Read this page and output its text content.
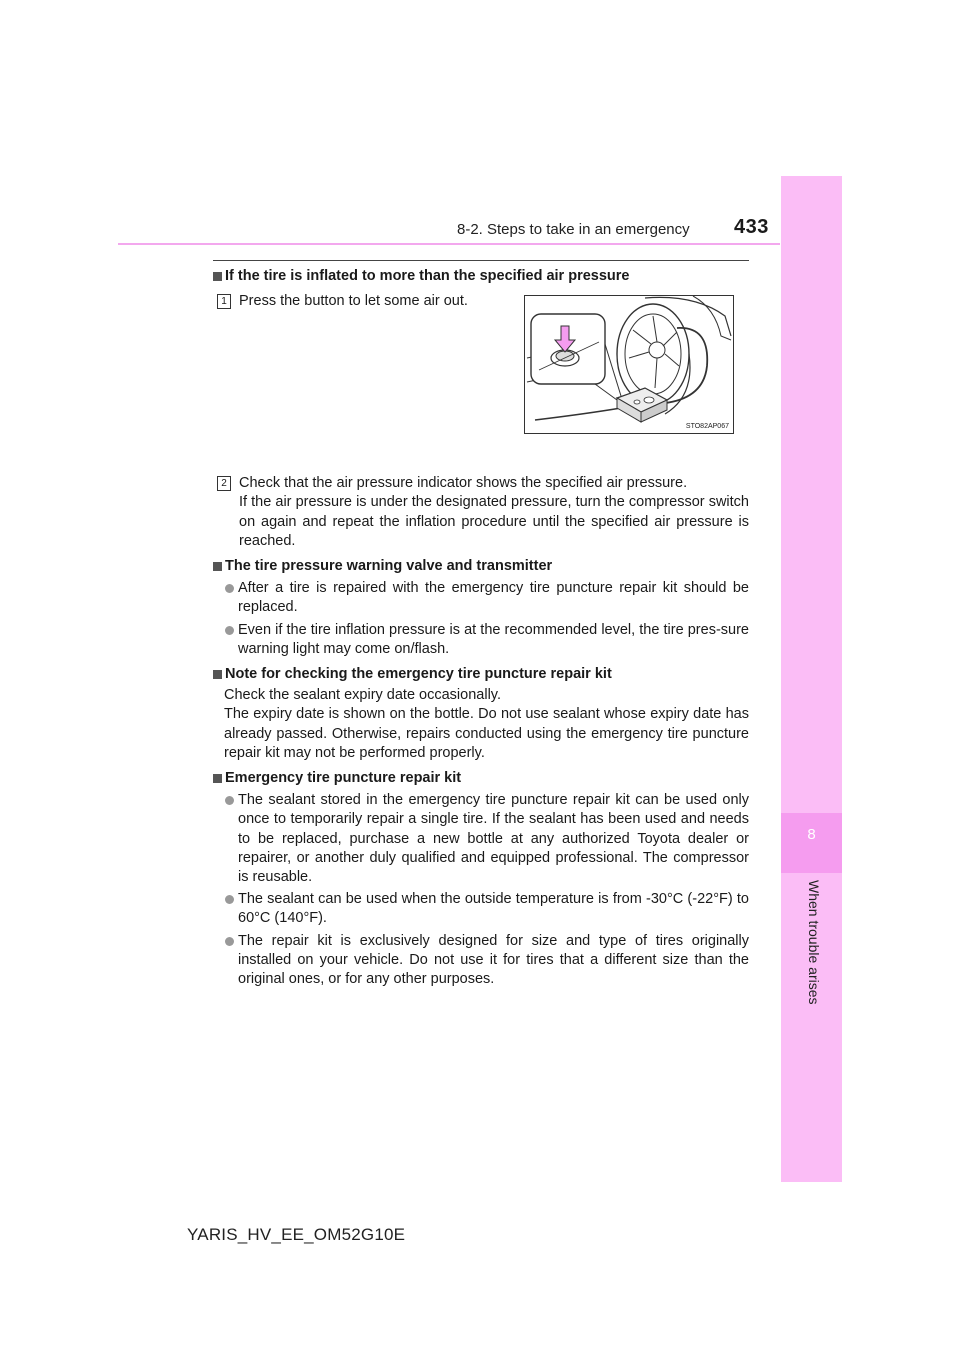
8-2. Steps to take in an emergency 433
8
When trouble arises
If the tire is inflated to more than the specified air pressure
1 Press the button to let some air out.
2 Check that the air pressure indicator shows the specified air pressure.
If the air pressure is under the designated pressure, turn the compressor switch on again and repeat the inflation procedure until the specified air pressure is reached.
The tire pressure warning valve and transmitter
After a tire is repaired with the emergency tire puncture repair kit should be replaced.
Even if the tire inflation pressure is at the recommended level, the tire pres-sure warning light may come on/flash.
Note for checking the emergency tire puncture repair kit
Check the sealant expiry date occasionally.
The expiry date is shown on the bottle. Do not use sealant whose expiry date has already passed. Otherwise, repairs conducted using the emergency tire puncture repair kit may not be performed properly.
Emergency tire puncture repair kit
The sealant stored in the emergency tire puncture repair kit can be used only once to temporarily repair a single tire. If the sealant has been used and needs to be replaced, purchase a new bottle at any authorized Toyota dealer or repairer, or another duly qualified and equipped professional. The compressor is reusable.
The sealant can be used when the outside temperature is from -30°C (-22°F) to 60°C (140°F).
The repair kit is exclusively designed for size and type of tires originally installed on your vehicle. Do not use it for tires that a different size than the original ones, or for any other purposes.
STO82AP067
YARIS_HV_EE_OM52G10E
